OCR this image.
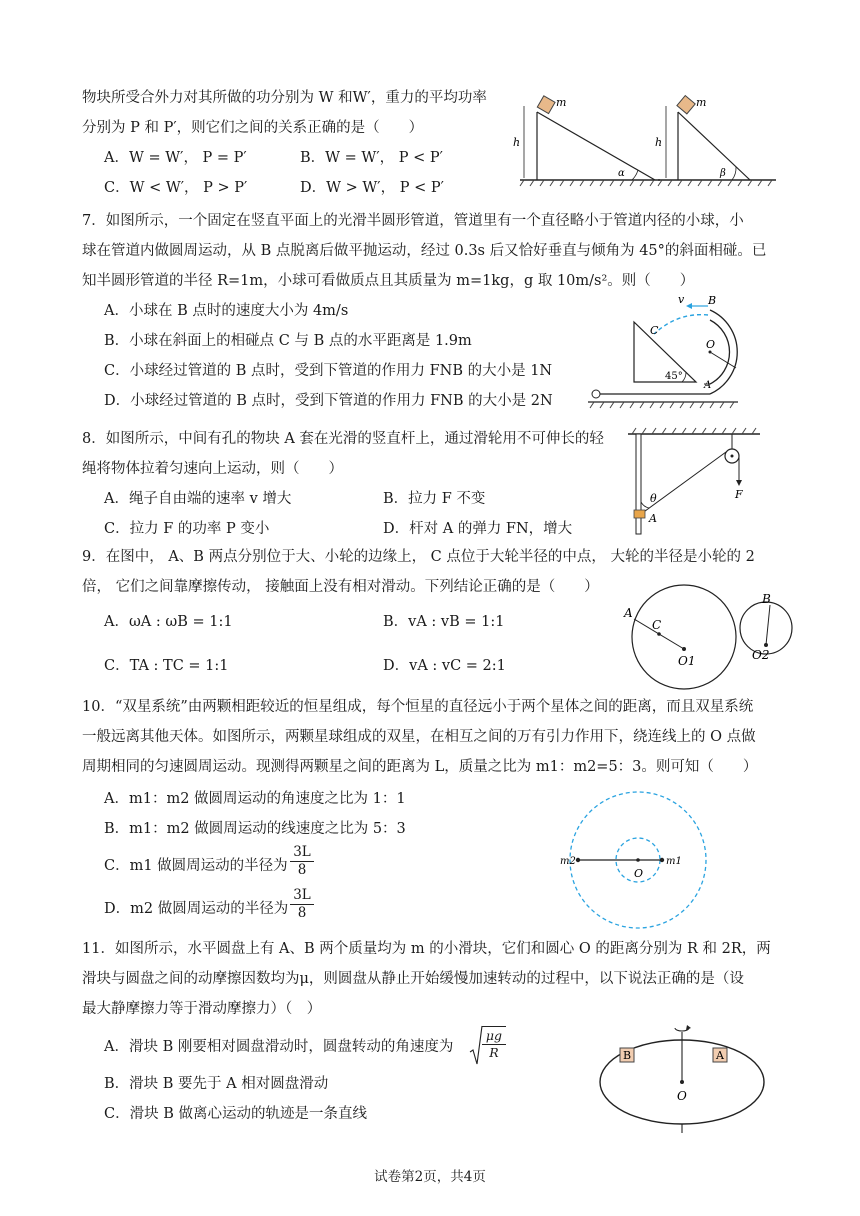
物块所受合外力对其所做的功分别为 W 和W′，重力的平均功率
分别为 P 和 P′，则它们之间的关系正确的是（　　）
A．W = W′， P = P′	B．W = W′， P < P′
C．W < W′， P > P′	D．W > W′， P < P′
m
h
α
m
h
β
7．如图所示，一个固定在竖直平面上的光滑半圆形管道，管道里有一个直径略小于管道内径的小球，小
球在管道内做圆周运动，从 B 点脱离后做平抛运动，经过 0.3s 后又恰好垂直与倾角为 45°的斜面相碰。已
知半圆形管道的半径 R=1m，小球可看做质点且其质量为 m=1kg，g 取 10m/s²。则（　　）
A．小球在 B 点时的速度大小为 4m/s
B．小球在斜面上的相碰点 C 与 B 点的水平距离是 1.9m
C．小球经过管道的 B 点时，受到下管道的作用力 FNB 的大小是 1N
D．小球经过管道的 B 点时，受到下管道的作用力 FNB 的大小是 2N
45°
O
A
B
v
C
8．如图所示，中间有孔的物块 A 套在光滑的竖直杆上，通过滑轮用不可伸长的轻
绳将物体拉着匀速向上运动，则（　　）
A．绳子自由端的速率 v 增大	B．拉力 F 不变
C．拉力 F 的功率 P 变小	D．杆对 A 的弹力 FN，增大
θ
A
F
9．在图中， A、B 两点分别位于大、小轮的边缘上， C 点位于大轮半径的中点， 大轮的半径是小轮的 2
倍， 它们之间靠摩擦传动， 接触面上没有相对滑动。下列结论正确的是（　　）
A．ωA : ωB = 1:1	B．vA : vB = 1:1
C．TA : TC = 1:1	D．vA : vC = 2:1
A
C
O1
B
O2
10．“双星系统”由两颗相距较近的恒星组成，每个恒星的直径远小于两个星体之间的距离，而且双星系统
一般远离其他天体。如图所示，两颗星球组成的双星，在相互之间的万有引力作用下，绕连线上的 O 点做
周期相同的匀速圆周运动。现测得两颗星之间的距离为 L，质量之比为 m1：m2=5：3。则可知（　　）
A．m1：m2 做圆周运动的角速度之比为 1：1
B．m1：m2 做圆周运动的线速度之比为 5：3
C．m1 做圆周运动的半径为 $\frac{3L}{8}$
D．m2 做圆周运动的半径为 $\frac{3L}{8}$
m2	m1
O
11．如图所示，水平圆盘上有 A、B 两个质量均为 m 的小滑块，它们和圆心 O 的距离分别为 R 和 2R，两
滑块与圆盘之间的动摩擦因数均为μ，则圆盘从静止开始缓慢加速转动的过程中，以下说法正确的是（设
最大静摩擦力等于滑动摩擦力）（　）
A．滑块 B 刚要相对圆盘滑动时，圆盘转动的角速度为 $\frac{\mu g}{R}$
B．滑块 B 要先于 A 相对圆盘滑动
C．滑块 B 做离心运动的轨迹是一条直线
B	A
O
试卷第2页，共4页
